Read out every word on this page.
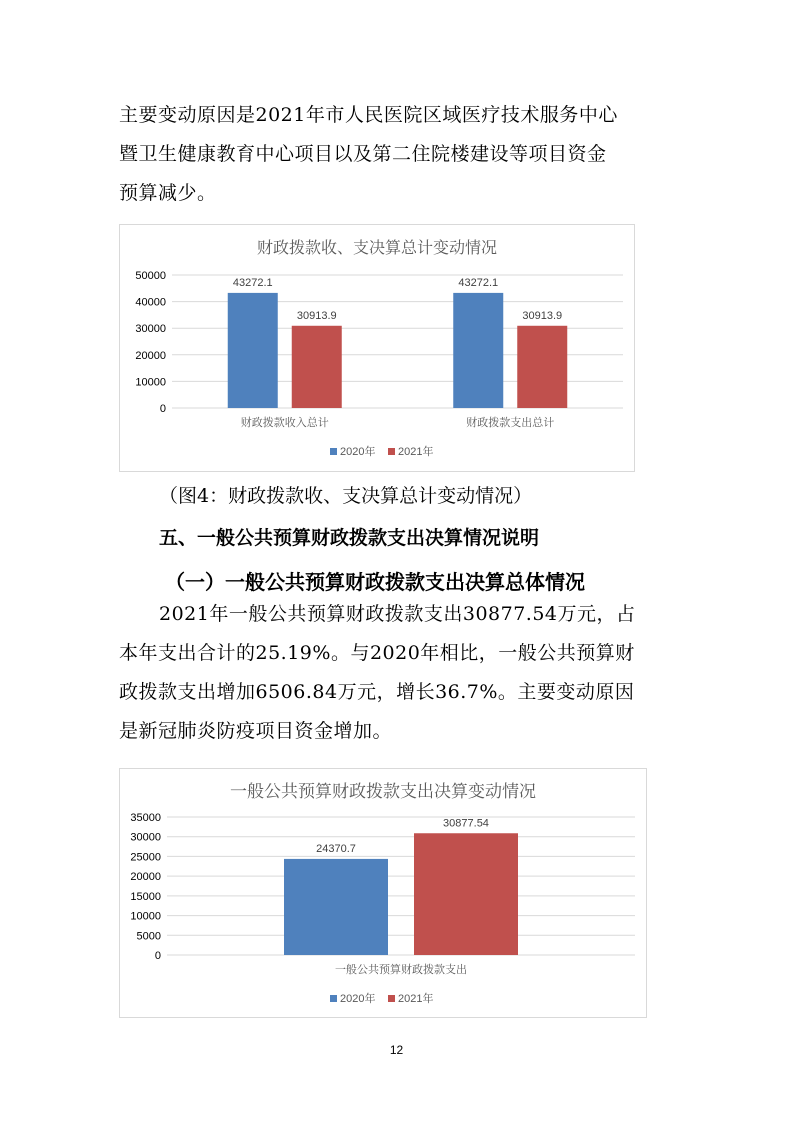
主要变动原因是2021年市人民医院区域医疗技术服务中心
暨卫生健康教育中心项目以及第二住院楼建设等项目资金
预算减少。
财政拨款收、支决算总计变动情况
50000
40000
30000
20000
10000
0
43272.1
30913.9
财政拨款收入总计
43272.1
30913.9
财政拨款支出总计
2020年 2021年
（图4：财政拨款收、支决算总计变动情况）
五、一般公共预算财政拨款支出决算情况说明
（一）一般公共预算财政拨款支出决算总体情况
2021年一般公共预算财政拨款支出30877.54万元，占
本年支出合计的25.19%。与2020年相比，一般公共预算财
政拨款支出增加6506.84万元，增长36.7%。主要变动原因
是新冠肺炎防疫项目资金增加。
一般公共预算财政拨款支出决算变动情况
35000
30000
25000
20000
15000
10000
5000
0
24370.7
30877.54
一般公共预算财政拨款支出
2020年 2021年
12
